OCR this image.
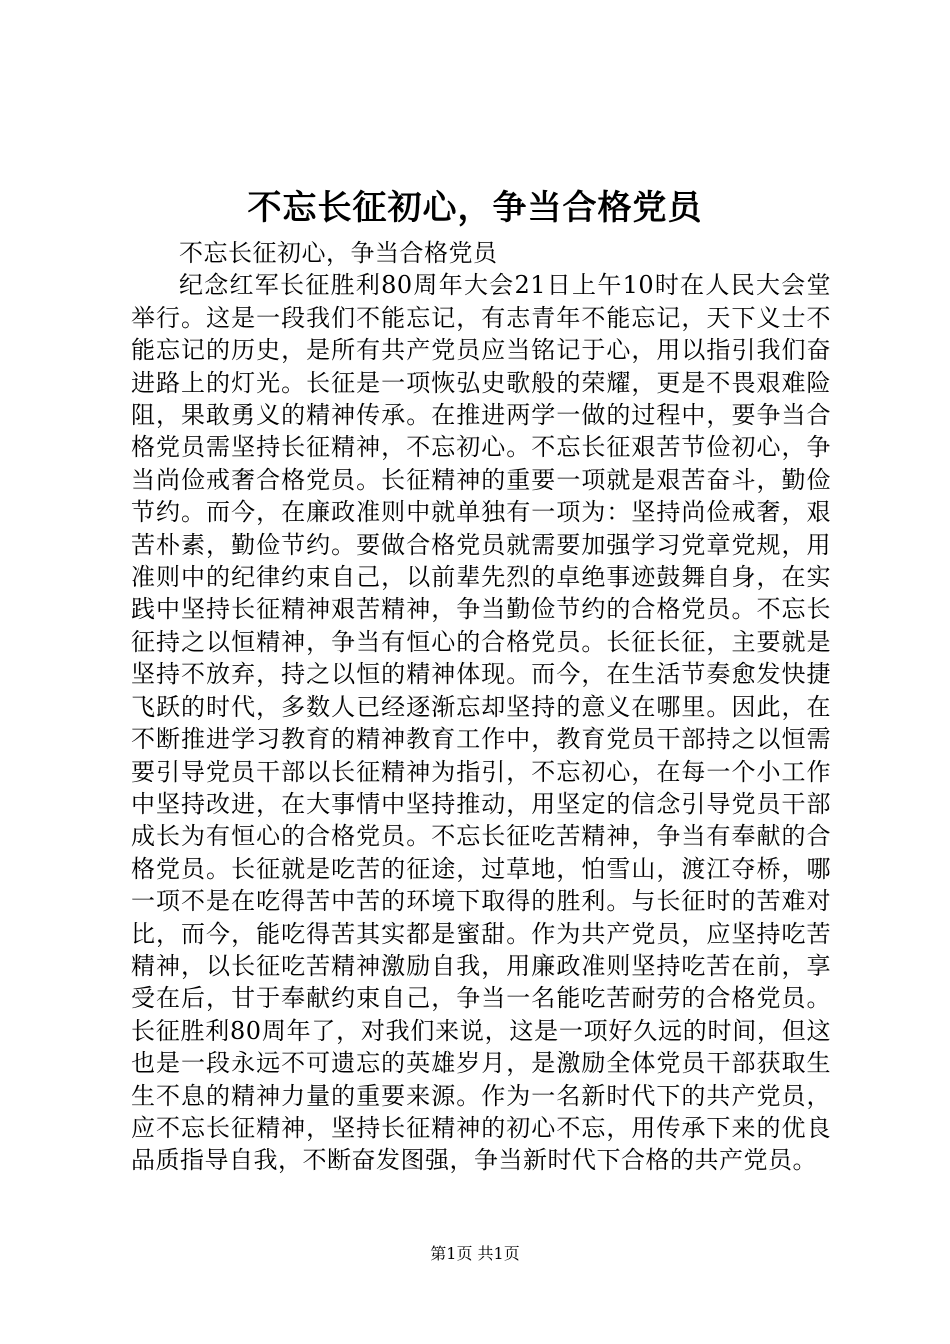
不忘长征初心，争当合格党员

不忘长征初心，争当合格党员

纪念红军长征胜利80周年大会21日上午10时在人民大会堂举行。这是一段我们不能忘记，有志青年不能忘记，天下义士不能忘记的历史，是所有共产党员应当铭记于心，用以指引我们奋进路上的灯光。长征是一项恢弘史歌般的荣耀，更是不畏艰难险阻，果敢勇义的精神传承。在推进两学一做的过程中，要争当合格党员需坚持长征精神，不忘初心。不忘长征艰苦节俭初心，争当尚俭戒奢合格党员。长征精神的重要一项就是艰苦奋斗，勤俭节约。而今，在廉政准则中就单独有一项为：坚持尚俭戒奢，艰苦朴素，勤俭节约。要做合格党员就需要加强学习党章党规，用准则中的纪律约束自己，以前辈先烈的卓绝事迹鼓舞自身，在实践中坚持长征精神艰苦精神，争当勤俭节约的合格党员。不忘长征持之以恒精神，争当有恒心的合格党员。长征长征，主要就是坚持不放弃，持之以恒的精神体现。而今，在生活节奏愈发快捷飞跃的时代，多数人已经逐渐忘却坚持的意义在哪里。因此，在不断推进学习教育的精神教育工作中，教育党员干部持之以恒需要引导党员干部以长征精神为指引，不忘初心，在每一个小工作中坚持改进，在大事情中坚持推动，用坚定的信念引导党员干部成长为有恒心的合格党员。不忘长征吃苦精神，争当有奉献的合格党员。长征就是吃苦的征途，过草地，怕雪山，渡江夺桥，哪一项不是在吃得苦中苦的环境下取得的胜利。与长征时的苦难对比，而今，能吃得苦其实都是蜜甜。作为共产党员，应坚持吃苦精神，以长征吃苦精神激励自我，用廉政准则坚持吃苦在前，享受在后，甘于奉献约束自己，争当一名能吃苦耐劳的合格党员。长征胜利80周年了，对我们来说，这是一项好久远的时间，但这也是一段永远不可遗忘的英雄岁月，是激励全体党员干部获取生生不息的精神力量的重要来源。作为一名新时代下的共产党员，应不忘长征精神，坚持长征精神的初心不忘，用传承下来的优良品质指导自我，不断奋发图强，争当新时代下合格的共产党员。

第1页 共1页
